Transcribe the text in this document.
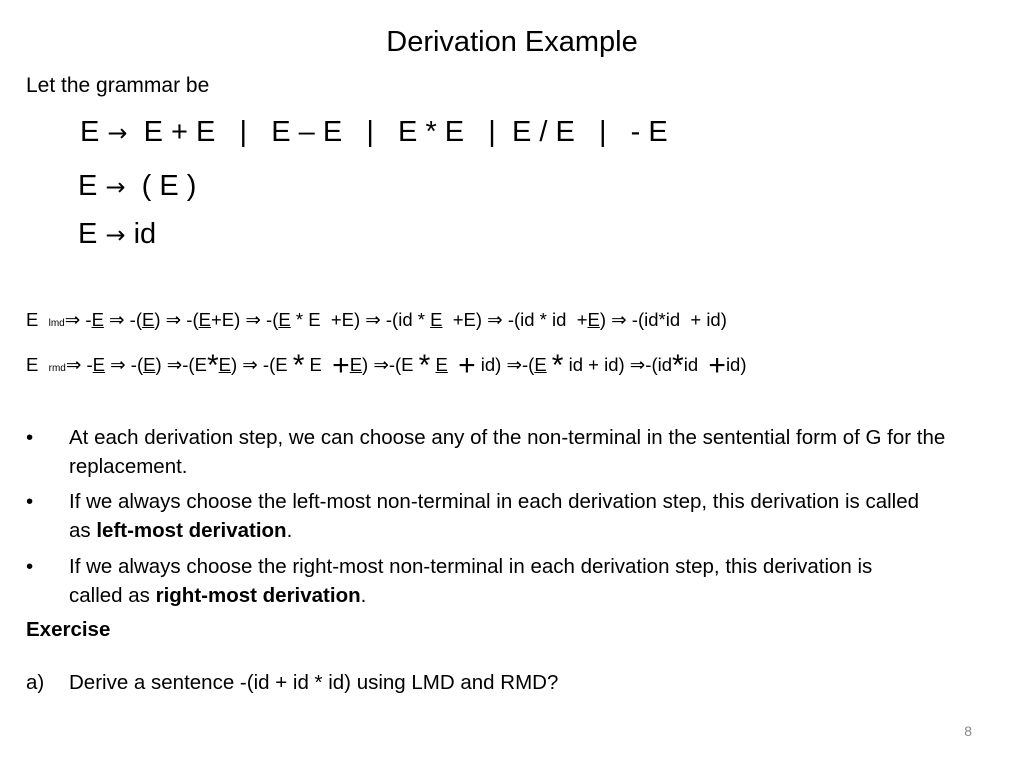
Derivation Example
Let the grammar be
E →  E + E   |   E – E   |   E * E   |  E / E   |   - E
E →  ( E )
E → id
E  lmd⇒ -E ⇒ -(E) ⇒ -(E+E) ⇒ -(E * E  +E) ⇒ -(id * E  +E) ⇒ -(id * id  +E) ⇒ -(id*id  + id)
E  rmd⇒ -E ⇒ -(E) ⇒-(E*E) ⇒ -(E * E  +E) ⇒-(E * E + id) ⇒-(E * id + id) ⇒-(id*id  +id)
• At each derivation step, we can choose any of the non-terminal in the sentential form of G for the replacement.
• If we always choose the left-most non-terminal in each derivation step, this derivation is called as left-most derivation.
• If we always choose the right-most non-terminal in each derivation step, this derivation is called as right-most derivation.
Exercise
a) Derive a sentence -(id + id * id) using LMD and RMD?
8
